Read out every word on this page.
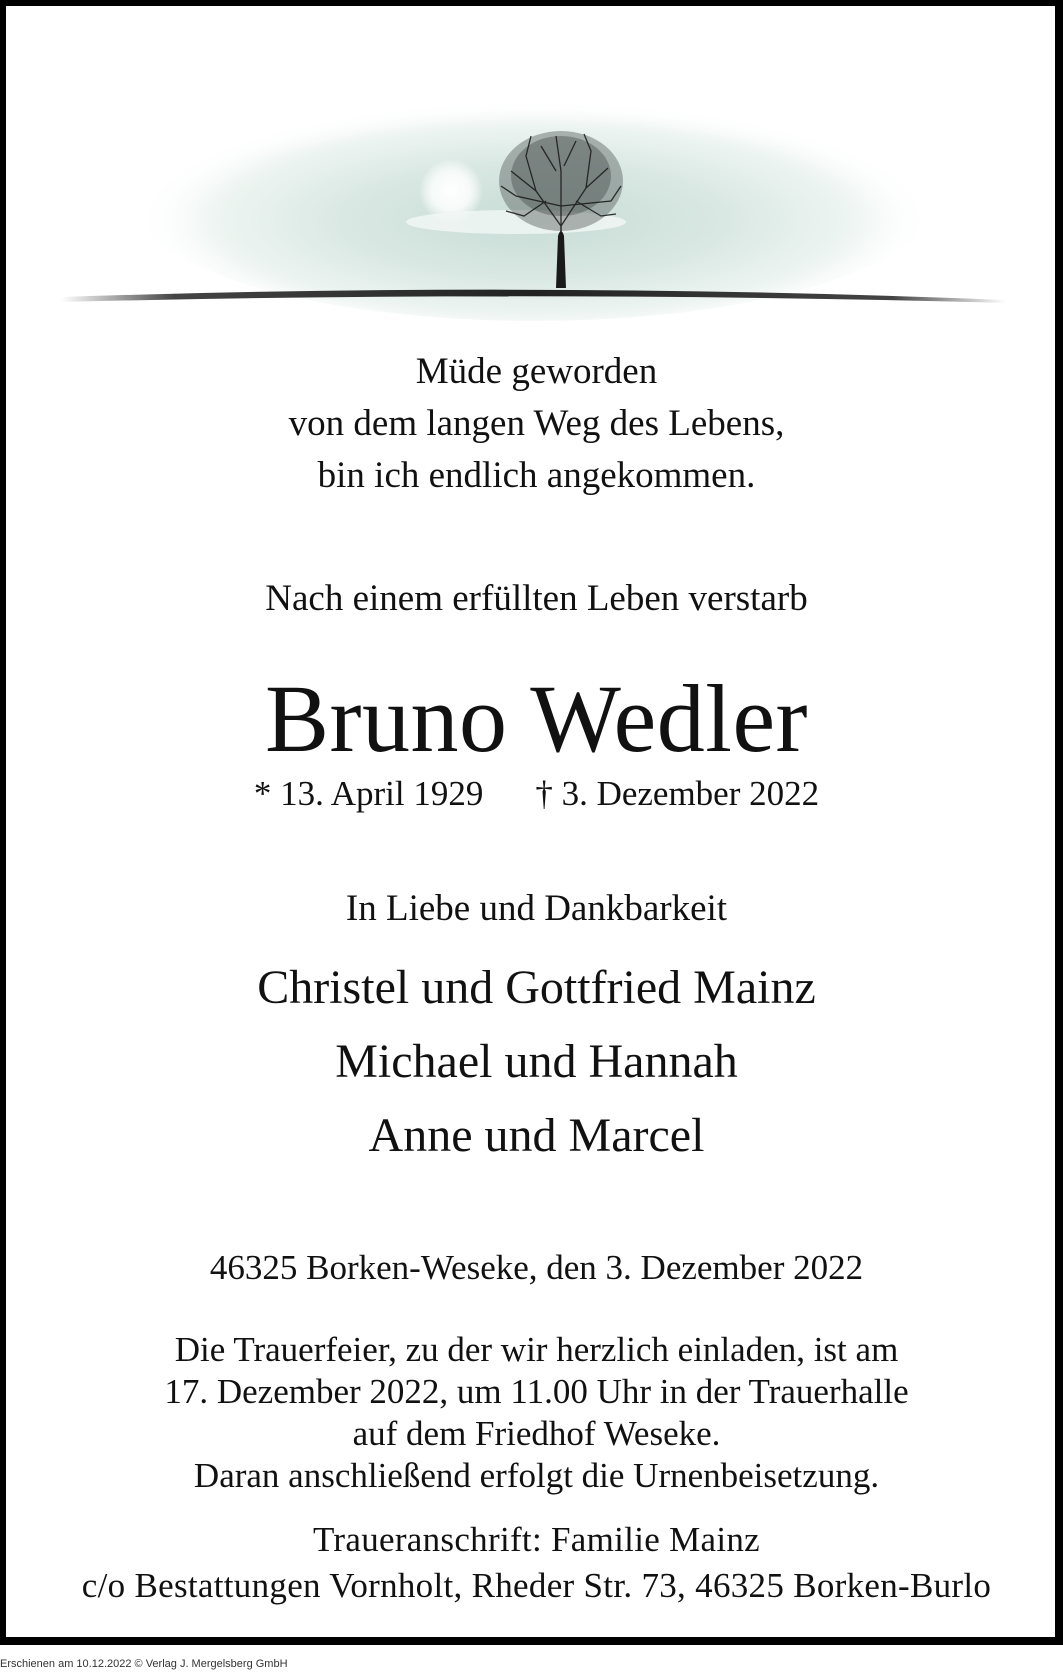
Müde geworden
von dem langen Weg des Lebens,
bin ich endlich angekommen.
Nach einem erfüllten Leben verstarb
Bruno Wedler
* 13. April 1929 † 3. Dezember 2022
In Liebe und Dankbarkeit
Christel und Gottfried Mainz
Michael und Hannah
Anne und Marcel
46325 Borken-Weseke, den 3. Dezember 2022
Die Trauerfeier, zu der wir herzlich einladen, ist am
17. Dezember 2022, um 11.00 Uhr in der Trauerhalle
auf dem Friedhof Weseke.
Daran anschließend erfolgt die Urnenbeisetzung.
Traueranschrift: Familie Mainz
c/o Bestattungen Vornholt, Rheder Str. 73, 46325 Borken-Burlo
Erschienen am 10.12.2022 © Verlag J. Mergelsberg GmbH
